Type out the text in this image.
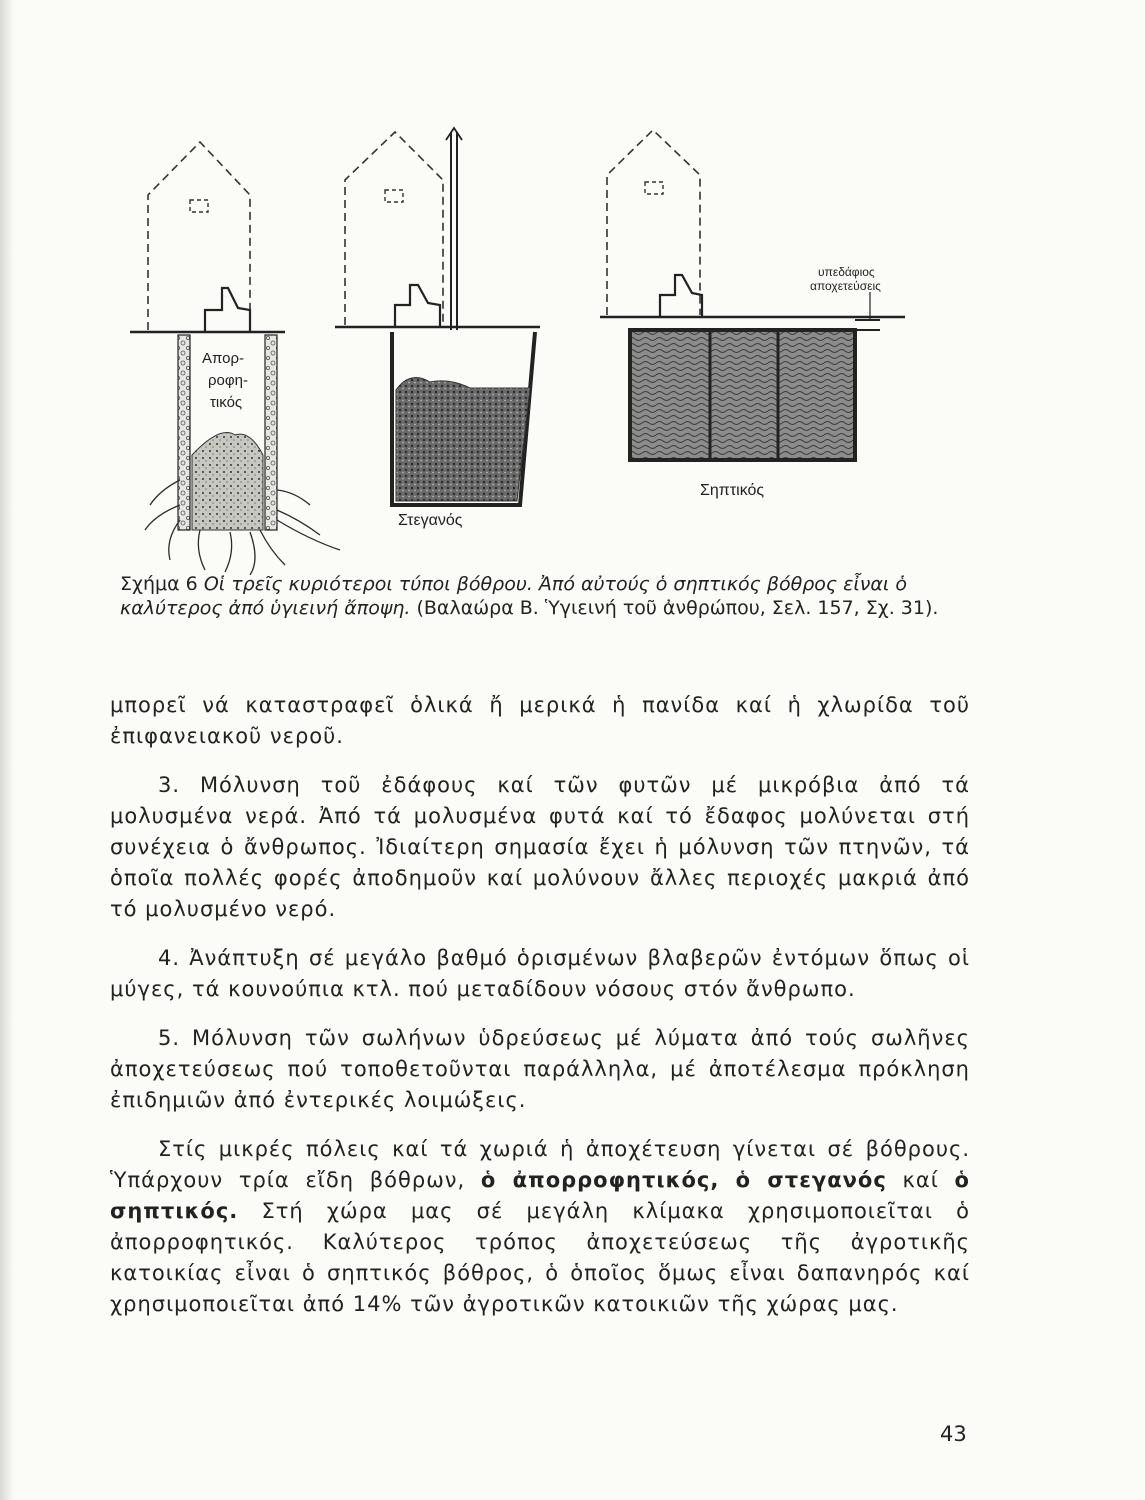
Απορ- ροφη- τικός
Στεγανός
υπεδάφιος αποχετεύσεις
Σηπτικός
Σχήμα 6 Οἱ τρεῖς κυριότεροι τύποι βόθρου. Ἀπό αὐτούς ὁ σηπτικός βόθρος εἶναι ὁ καλύτερος ἀπό ὑγιεινή ἄποψη. (Βαλαώρα Β. Ὑγιεινή τοῦ ἀνθρώπου, Σελ. 157, Σχ. 31).

μπορεῖ νά καταστραφεῖ ὁλικά ἤ μερικά ἡ πανίδα καί ἡ χλωρίδα τοῦ ἐπιφανειακοῦ νεροῦ.

3. Μόλυνση τοῦ ἐδάφους καί τῶν φυτῶν μέ μικρόβια ἀπό τά μολυσμένα νερά. Ἀπό τά μολυσμένα φυτά καί τό ἔδαφος μολύνεται στή συνέχεια ὁ ἄνθρωπος. Ἰδιαίτερη σημασία ἔχει ἡ μόλυνση τῶν πτηνῶν, τά ὁποῖα πολλές φορές ἀποδημοῦν καί μολύνουν ἄλλες περιοχές μακριά ἀπό τό μολυσμένο νερό.

4. Ἀνάπτυξη σέ μεγάλο βαθμό ὁρισμένων βλαβερῶν ἐντόμων ὅπως οἱ μύγες, τά κουνούπια κτλ. πού μεταδίδουν νόσους στόν ἄνθρωπο.

5. Μόλυνση τῶν σωλήνων ὑδρεύσεως μέ λύματα ἀπό τούς σωλῆνες ἀποχετεύσεως πού τοποθετοῦνται παράλληλα, μέ ἀποτέλεσμα πρόκληση ἐπιδημιῶν ἀπό ἐντερικές λοιμώξεις.

Στίς μικρές πόλεις καί τά χωριά ἡ ἀποχέτευση γίνεται σέ βόθρους. Ὑπάρχουν τρία εἴδη βόθρων, ὁ ἀπορροφητικός, ὁ στεγανός καί ὁ σηπτικός. Στή χώρα μας σέ μεγάλη κλίμακα χρησιμοποιεῖται ὁ ἀπορροφητικός. Καλύτερος τρόπος ἀποχετεύσεως τῆς ἀγροτικῆς κατοικίας εἶναι ὁ σηπτικός βόθρος, ὁ ὁποῖος ὅμως εἶναι δαπανηρός καί χρησιμοποιεῖται ἀπό 14% τῶν ἀγροτικῶν κατοικιῶν τῆς χώρας μας.

43
